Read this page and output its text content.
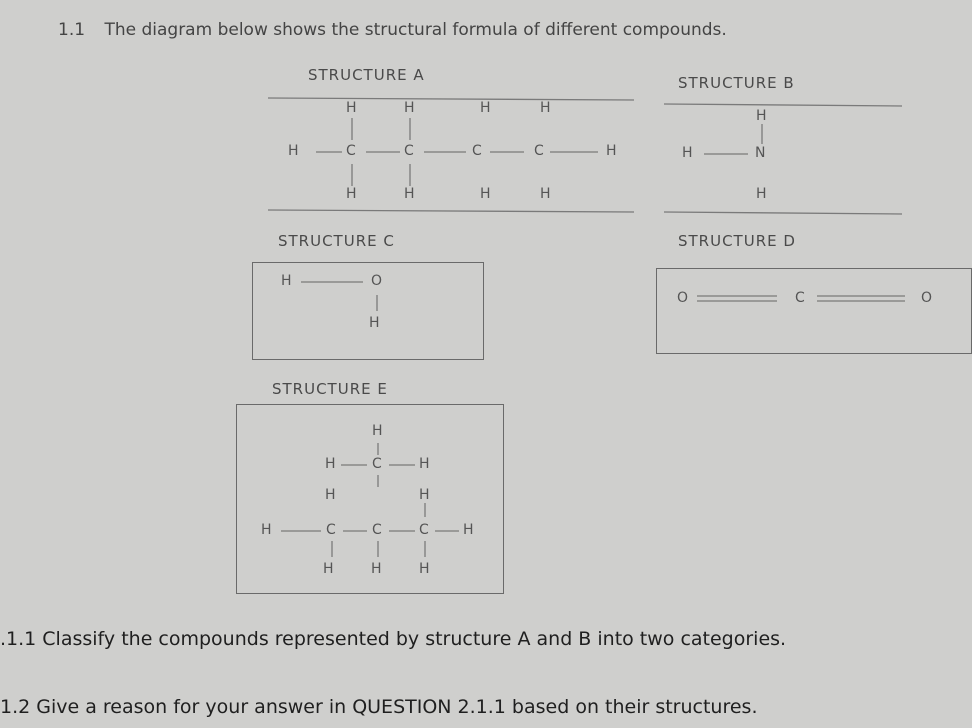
1.1 The diagram below shows the structural formula of different compounds.
STRUCTURE A	STRUCTURE B
STRUCTURE C	STRUCTURE D
STRUCTURE E
H	H	H	H
H	C	C	C	C	H
H	H	H	H
H
H	N
H
H	O
H
O	C	O
H
H	C	H
H	H
H	C	C	C H
H	H	H
.1.1 Classify the compounds represented by structure A and B into two categories.
1.2 Give a reason for your answer in QUESTION 2.1.1 based on their structures.
